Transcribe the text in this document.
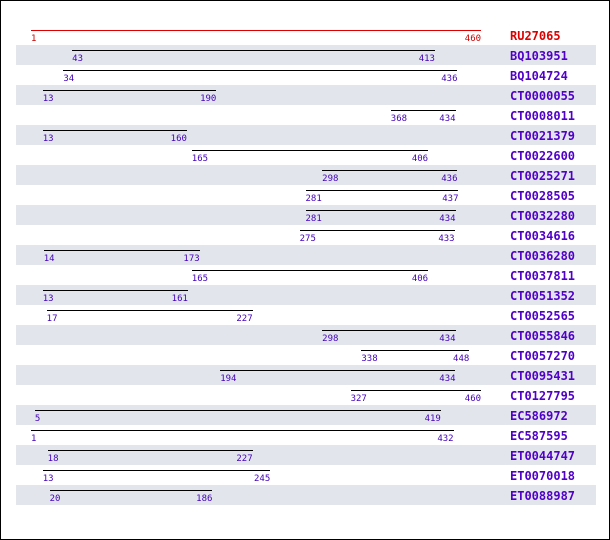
1	460 RU27065
43	413	BQ103951
34	436	BQ104724
13	190	CT0000055
368	434	CT0008011
13	160	CT0021379
165	406	CT0022600
298	436	CT0025271
281	437	CT0028505
281	434	CT0032280
275	433	CT0034616
14	173	CT0036280
165	406	CT0037811
13	161	CT0051352
17	227	CT0052565
298	434	CT0055846
338	448	CT0057270
194	434	CT0095431
327	460 CT0127795
5	419	EC586972
1	432	EC587595
18	227	ET0044747
13	245	ET0070018
20	186	ET0088987
